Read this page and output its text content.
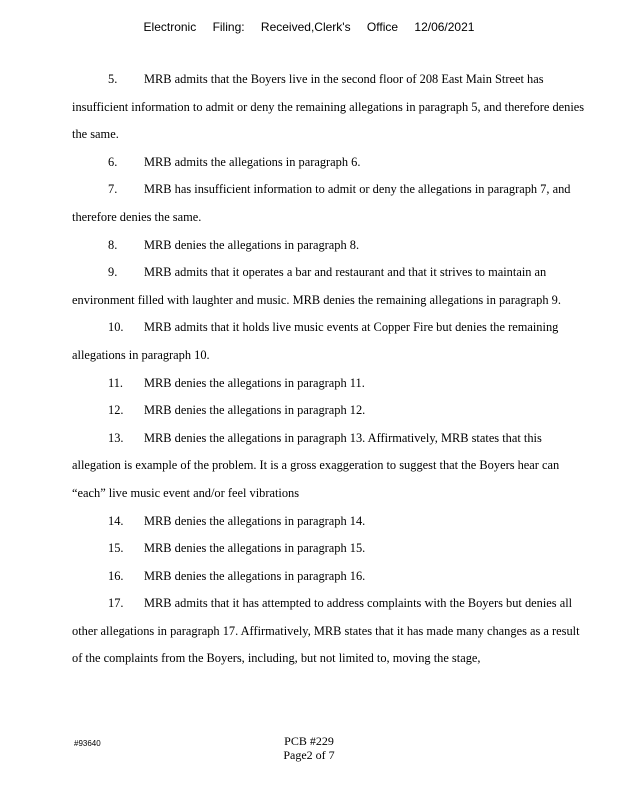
Electronic Filing: Received,Clerk's Office 12/06/2021

5. MRB admits that the Boyers live in the second floor of 208 East Main Street has insufficient information to admit or deny the remaining allegations in paragraph 5, and therefore denies the same.

6. MRB admits the allegations in paragraph 6.

7. MRB has insufficient information to admit or deny the allegations in paragraph 7, and therefore denies the same.

8. MRB denies the allegations in paragraph 8.

9. MRB admits that it operates a bar and restaurant and that it strives to maintain an environment filled with laughter and music. MRB denies the remaining allegations in paragraph 9.

10. MRB admits that it holds live music events at Copper Fire but denies the remaining allegations in paragraph 10.

11. MRB denies the allegations in paragraph 11.

12. MRB denies the allegations in paragraph 12.

13. MRB denies the allegations in paragraph 13. Affirmatively, MRB states that this allegation is example of the problem. It is a gross exaggeration to suggest that the Boyers hear can “each” live music event and/or feel vibrations

14. MRB denies the allegations in paragraph 14.

15. MRB denies the allegations in paragraph 15.

16. MRB denies the allegations in paragraph 16.

17. MRB admits that it has attempted to address complaints with the Boyers but denies all other allegations in paragraph 17. Affirmatively, MRB states that it has made many changes as a result of the complaints from the Boyers, including, but not limited to, moving the stage,

#93640	PCB #229
Page2 of 7
